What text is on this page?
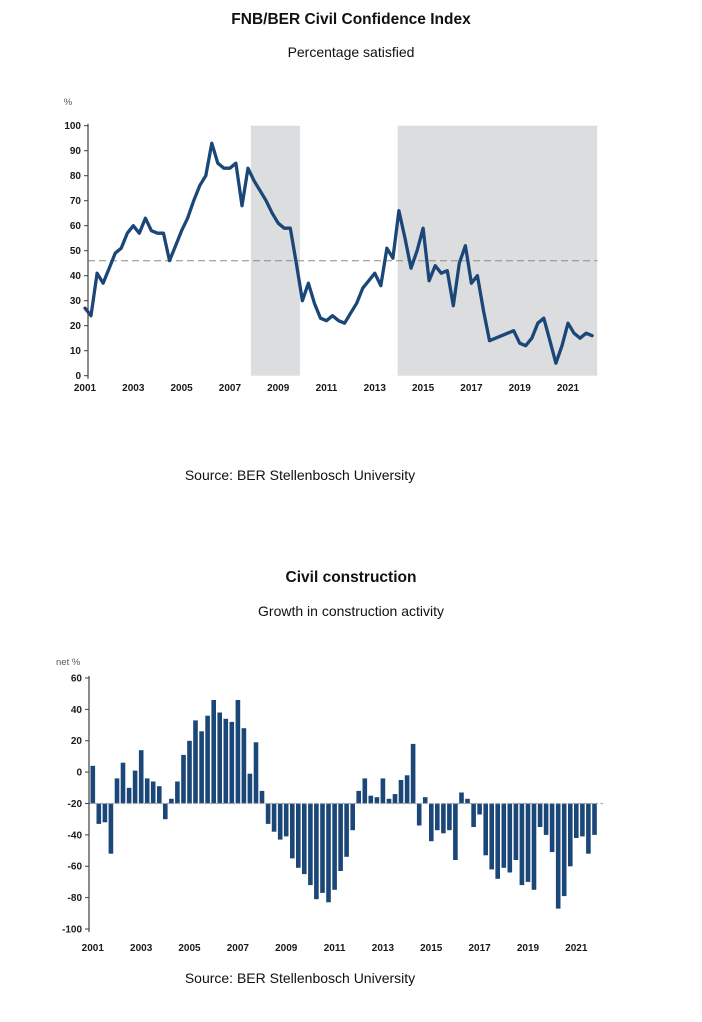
FNB/BER Civil Confidence Index
Percentage satisfied
0
10
20
30
40
50
60
70
80
90
100
2001	2003	2005	2007	2009	2011	2013	2015	2017	2019	2021
%
Source: BER Stellenbosch University
Civil construction
Growth in construction activity
60
40
20
0
-20
-40
-60
-80
-100
2001	2003	2005	2007	2009	2011	2013	2015	2017	2019	2021
net %
Source: BER Stellenbosch University
